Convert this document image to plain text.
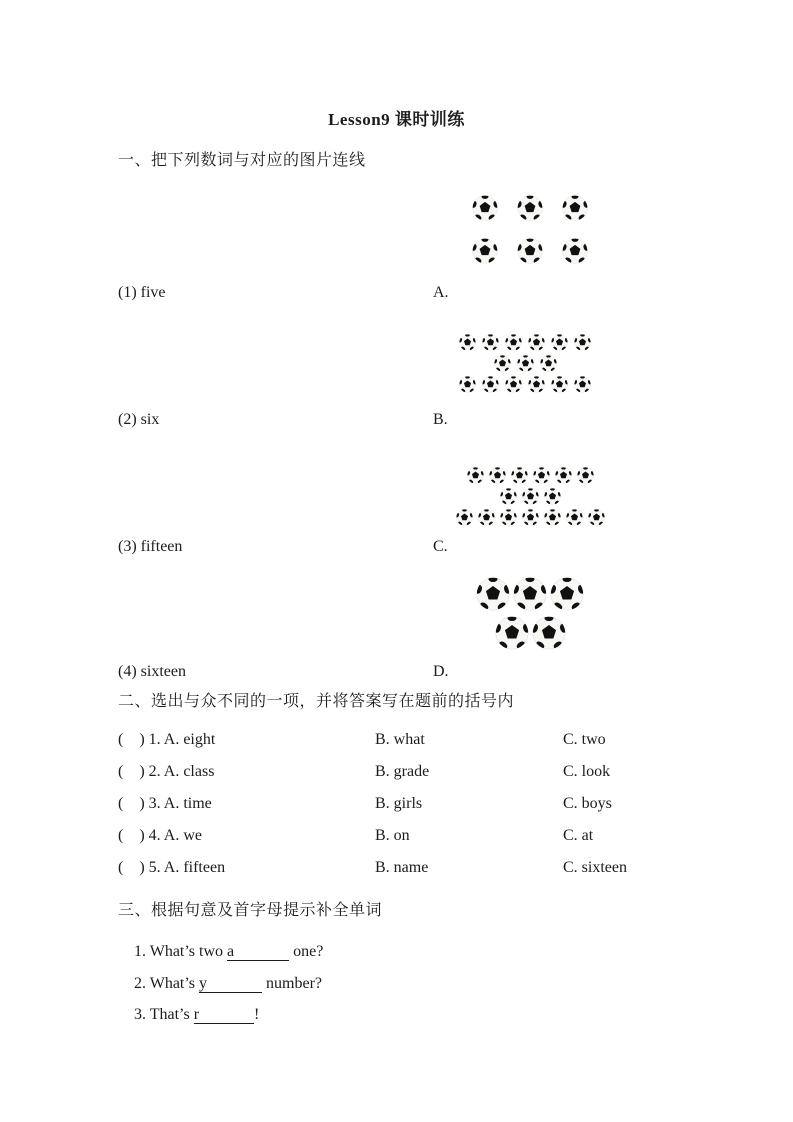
Lesson9 课时训练
一、把下列数词与对应的图片连线
(1) five	A.
(2) six	B.
(3) fifteen	C.
(4) sixteen	D.
二、选出与众不同的一项，并将答案写在题前的括号内
(    ) 1. A. eight	B. what	C. two
(    ) 2. A. class	B. grade	C. look
(    ) 3. A. time	B. girls	C. boys
(    ) 4. A. we	B. on	C. at
(    ) 5. A. fifteen	B. name	C. sixteen
三、根据句意及首字母提示补全单词

1. What’s two a	one?

2. What’s y	number?

3. That’s r	!
